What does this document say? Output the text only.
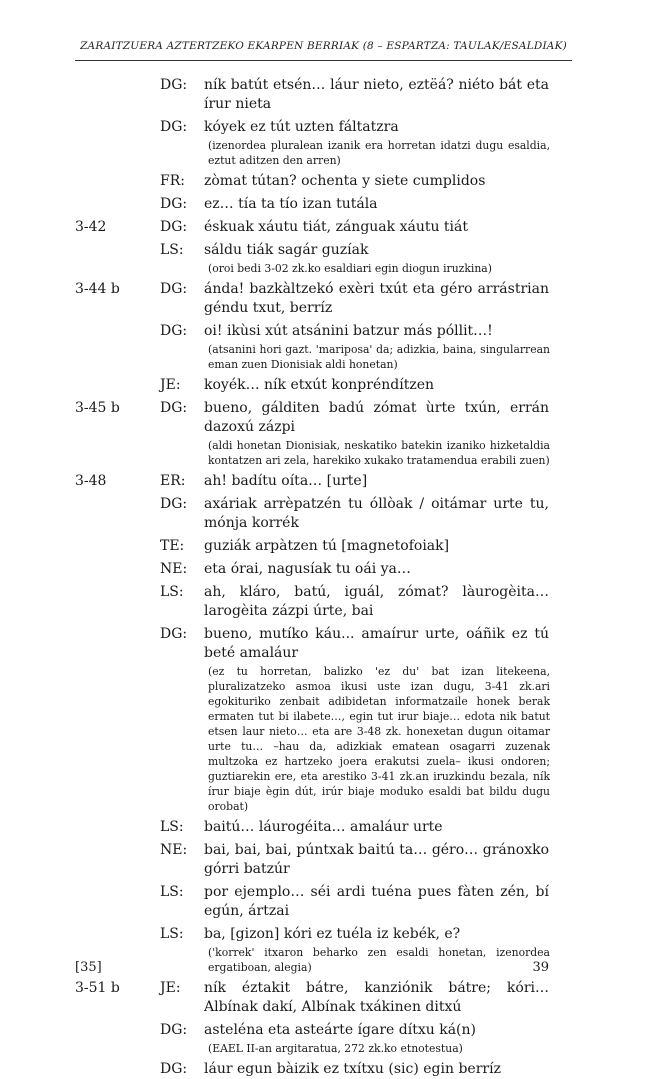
ZARAITZUERA AZTERTZEKO EKARPEN BERRIAK (8 – ESPARTZA: TAULAK/ESALDIAK)
DG: ník batút etsén… láur nieto, eztëá? niéto bát eta írur nieta
DG: kóyek ez tút uzten fáltatzra
(izenordea pluralean izanik era horretan idatzi dugu esaldia, eztut aditzen den arren)
FR: zòmat tútan? ochenta y siete cumplidos
DG: ez… tía ta tío izan tutála
3-42	DG: éskuak xáutu tiát, zánguak xáutu tiát
LS: sáldu tiák sagár guzíak
(oroi bedi 3-02 zk.ko esaldiari egin diogun iruzkina)
3-44 b	DG: ánda! bazkàltzekó exèri txút eta géro arrástrian géndu txut, berríz
DG: oi! ikùsi xút atsánini batzur más póllit…!
(atsanini hori gazt. 'mariposa' da; adizkia, baina, singularrean eman zuen Dionisiak aldi honetan)
JE: koyék… ník etxút konpréndítzen
3-45 b	DG: bueno, gálditen badú zómat ùrte txún, errán dazoxú zázpi
(aldi honetan Dionisiak, neskatiko batekin izaniko hizketaldia kontatzen ari zela, harekiko xukako tratamendua erabili zuen)
3-48	ER: ah! badítu oíta… [urte]
DG: axáriak arrèpatzén tu óllòak / oitámar urte tu, mónja korrék
TE: guziák arpàtzen tú [magnetofoiak]
NE: eta órai, nagusíak tu oái ya…
LS: ah, kláro, batú, iguál, zómat? làurogèita… larogèita zázpi úrte, bai
DG: bueno, mutíko káu... amaírur urte, oáñik ez tú beté amaláur
(ez tu horretan, balizko 'ez du' bat izan litekeena, pluralizatzeko asmoa ikusi uste izan dugu, 3-41 zk.ari egokituriko zenbait adibidetan informatzaile honek berak ermaten tut bi ilabete…, egin tut irur biaje… edota nik batut etsen laur nieto… eta are 3-48 zk. honexetan dugun oitamar urte tu… –hau da, adizkiak ematean osagarri zuzenak multzoka ez hartzeko joera erakutsi zuela– ikusi ondoren; guztiarekin ere, eta arestiko 3-41 zk.an iruzkindu bezala, ník írur biaje ègin dút, irúr biaje moduko esaldi bat bildu dugu orobat)
LS: baitú… láurogéita… amaláur urte
NE: bai, bai, bai, púntxak baitú ta… géro… gránoxko górri batzúr
LS: por ejemplo… séi ardi tuéna pues fàten zén, bí egún, ártzai
LS: ba, [gizon] kóri ez tuéla iz kebék, e?
('korrek' itxaron beharko zen esaldi honetan, izenordea ergatiboan, alegia)
3-51 b	JE: ník éztakit bátre, kanziónik bátre; kóri… Albínak dakí, Albínak txákinen ditxú
DG: asteléna eta asteárte ígare dítxu ká(n)
(EAEL II-an argitaratua, 272 zk.ko etnotestua)
DG: láur egun bàizik ez txítxu (sic) egin berríz
[35]	39
